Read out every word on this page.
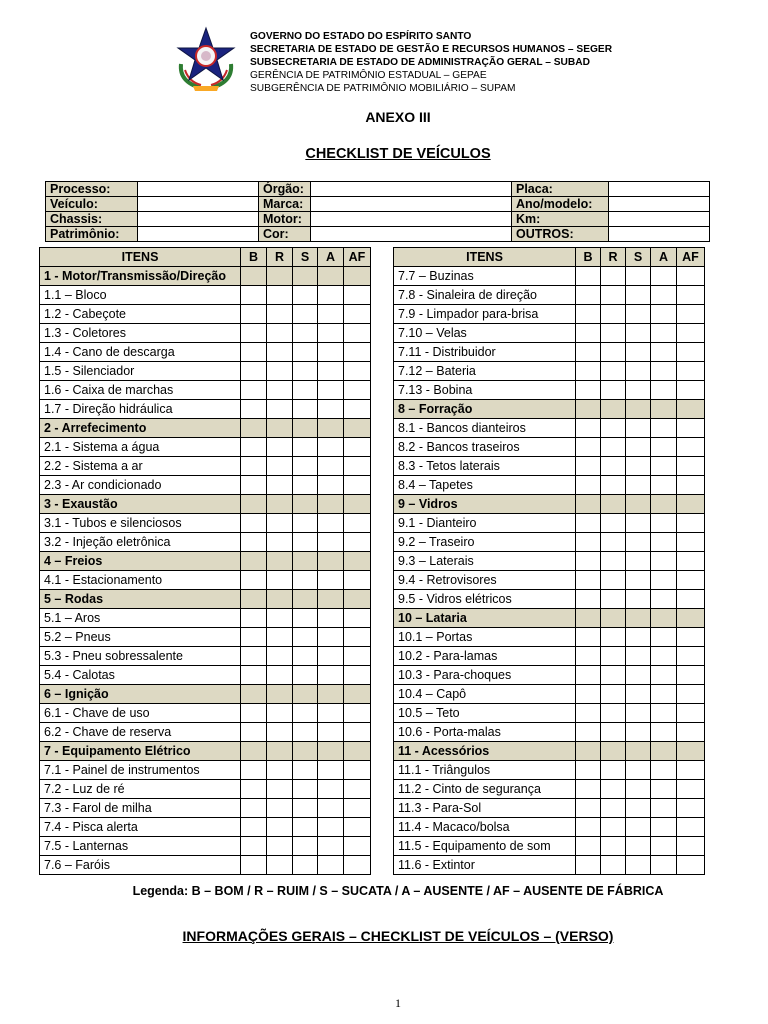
GOVERNO DO ESTADO DO ESPÍRITO SANTO
SECRETARIA DE ESTADO DE GESTÃO E RECURSOS HUMANOS – SEGER
SUBSECRETARIA DE ESTADO DE ADMINISTRAÇÃO GERAL – SUBAD
GERÊNCIA DE PATRIMÔNIO ESTADUAL – GEPAE
SUBGERÊNCIA DE PATRIMÔNIO MOBILIÁRIO – SUPAM
ANEXO III
CHECKLIST DE VEÍCULOS
Processo:		Órgão:		Placa:	
Veículo:		Marca:		Ano/modelo:	
Chassis:		Motor:		Km:	
Patrimônio:		Cor:		OUTROS:	
ITENS	B	R	S	A	AF
1 - Motor/Transmissão/Direção					
1.1 – Bloco					
1.2 - Cabeçote					
1.3 - Coletores					
1.4 - Cano de descarga					
1.5 - Silenciador					
1.6 - Caixa de marchas					
1.7 - Direção hidráulica					
2 - Arrefecimento					
2.1 - Sistema a água					
2.2 - Sistema a ar					
2.3 - Ar condicionado					
3 - Exaustão					
3.1 - Tubos e silenciosos					
3.2 - Injeção eletrônica					
4 – Freios					
4.1 - Estacionamento					
5 – Rodas					
5.1 – Aros					
5.2 – Pneus					
5.3 - Pneu sobressalente					
5.4 - Calotas					
6 – Ignição					
6.1 - Chave de uso					
6.2 - Chave de reserva					
7 - Equipamento Elétrico					
7.1 - Painel de instrumentos					
7.2 - Luz de ré					
7.3 - Farol de milha					
7.4 - Pisca alerta					
7.5 - Lanternas					
7.6 – Faróis					
ITENS	B	R	S	A	AF
7.7 – Buzinas					
7.8 - Sinaleira de direção					
7.9 - Limpador para-brisa					
7.10 – Velas					
7.11 - Distribuidor					
7.12 – Bateria					
7.13 - Bobina					
8 – Forração					
8.1 - Bancos dianteiros					
8.2 - Bancos traseiros					
8.3 - Tetos laterais					
8.4 – Tapetes					
9 – Vidros					
9.1 - Dianteiro					
9.2 – Traseiro					
9.3 – Laterais					
9.4 - Retrovisores					
9.5 - Vidros elétricos					
10 – Lataria					
10.1 – Portas					
10.2 - Para-lamas					
10.3 - Para-choques					
10.4 – Capô					
10.5 – Teto					
10.6 - Porta-malas					
11 - Acessórios					
11.1 - Triângulos					
11.2 - Cinto de segurança					
11.3 - Para-Sol					
11.4 - Macaco/bolsa					
11.5 - Equipamento de som					
11.6 - Extintor					
Legenda: B – BOM / R – RUIM / S – SUCATA / A – AUSENTE / AF – AUSENTE DE FÁBRICA
INFORMAÇÕES GERAIS – CHECKLIST DE VEÍCULOS – (VERSO)
1
